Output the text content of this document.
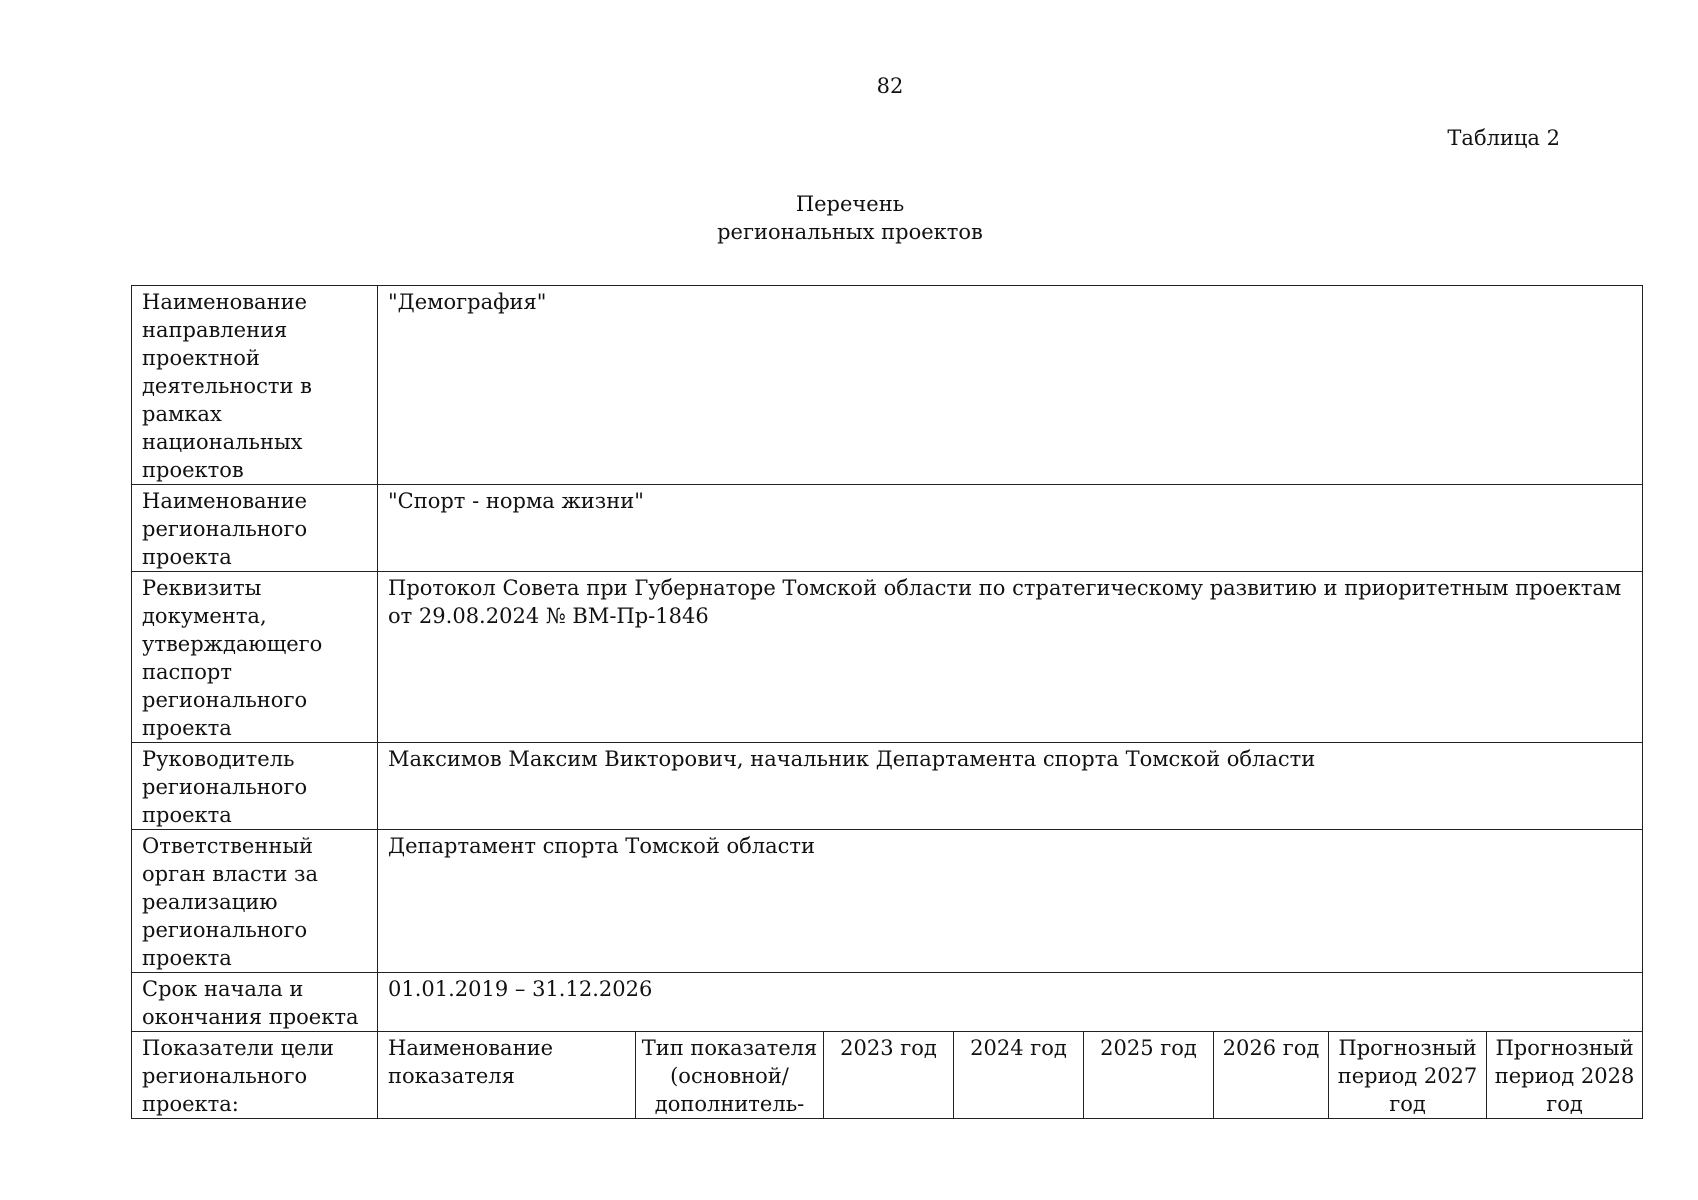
82
Таблица 2
Перечень
региональных проектов
Наименование направления проектной деятельности в рамках национальных проектов	"Демография"							
Наименование регионального проекта	"Спорт - норма жизни"							
Реквизиты документа, утверждающего паспорт регионального проекта	Протокол Совета при Губернаторе Томской области по стратегическому развитию и приоритетным проектам от 29.08.2024 № ВМ-Пр-1846							
Руководитель регионального проекта	Максимов Максим Викторович, начальник Департамента спорта Томской области							
Ответственный орган власти за реализацию регионального проекта	Департамент спорта Томской области							
Срок начала и окончания проекта	01.01.2019 – 31.12.2026							
Показатели цели регионального проекта:	Наименование показателя	Тип показателя (основной/ дополнитель-	2023 год	2024 год	2025 год	2026 год	Прогнозный период 2027 год	Прогнозный период 2028 год
